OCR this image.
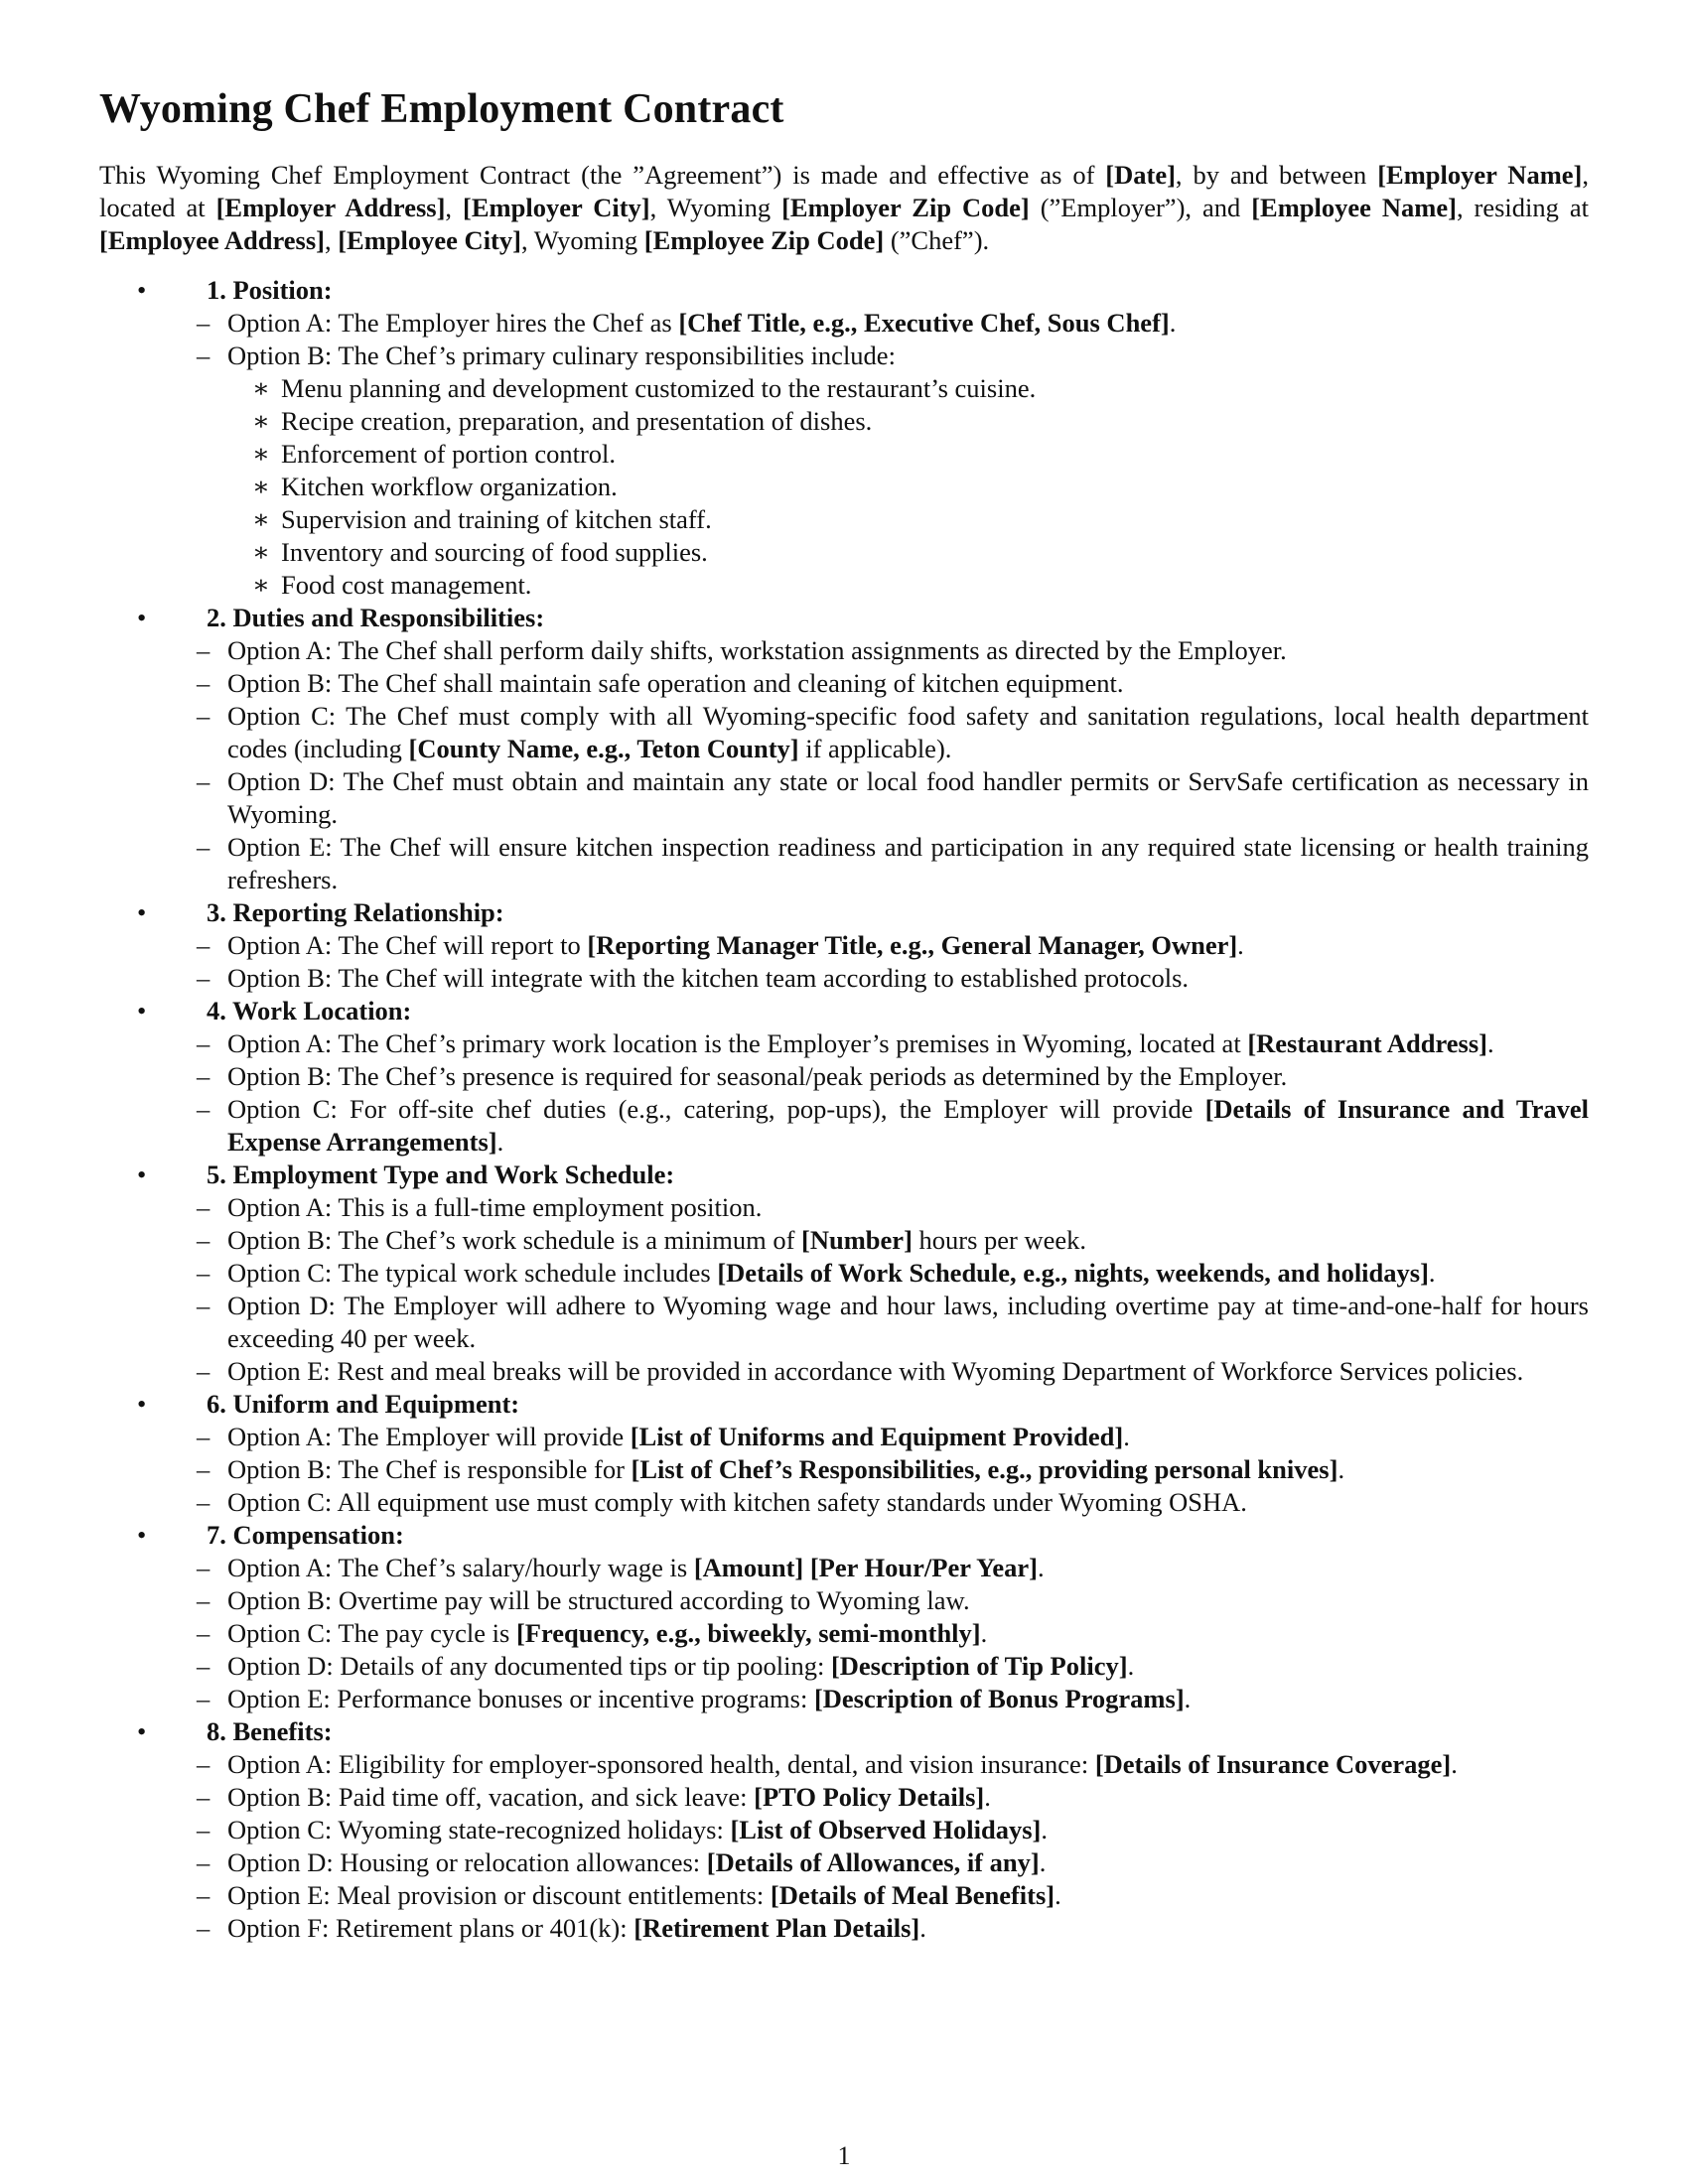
Wyoming Chef Employment Contract

This Wyoming Chef Employment Contract (the ”Agreement”) is made and effective as of [Date], by and between [Employer Name], located at [Employer Address], [Employer City], Wyoming [Employer Zip Code] (”Employer”), and [Employee Name], residing at [Employee Address], [Employee City], Wyoming [Employee Zip Code] (”Chef”).

• 1. Position:
– Option A: The Employer hires the Chef as [Chef Title, e.g., Executive Chef, Sous Chef].
– Option B: The Chef’s primary culinary responsibilities include:
∗ Menu planning and development customized to the restaurant’s cuisine.
∗ Recipe creation, preparation, and presentation of dishes.
∗ Enforcement of portion control.
∗ Kitchen workflow organization.
∗ Supervision and training of kitchen staff.
∗ Inventory and sourcing of food supplies.
∗ Food cost management.
• 2. Duties and Responsibilities:
– Option A: The Chef shall perform daily shifts, workstation assignments as directed by the Employer.
– Option B: The Chef shall maintain safe operation and cleaning of kitchen equipment.
– Option C: The Chef must comply with all Wyoming-specific food safety and sanitation regulations, local health department codes (including [County Name, e.g., Teton County] if applicable).
– Option D: The Chef must obtain and maintain any state or local food handler permits or ServSafe certification as necessary in Wyoming.
– Option E: The Chef will ensure kitchen inspection readiness and participation in any required state licensing or health training refreshers.
• 3. Reporting Relationship:
– Option A: The Chef will report to [Reporting Manager Title, e.g., General Manager, Owner].
– Option B: The Chef will integrate with the kitchen team according to established protocols.
• 4. Work Location:
– Option A: The Chef’s primary work location is the Employer’s premises in Wyoming, located at [Restaurant Address].
– Option B: The Chef’s presence is required for seasonal/peak periods as determined by the Employer.
– Option C: For off-site chef duties (e.g., catering, pop-ups), the Employer will provide [Details of Insurance and Travel Expense Arrangements].
• 5. Employment Type and Work Schedule:
– Option A: This is a full-time employment position.
– Option B: The Chef’s work schedule is a minimum of [Number] hours per week.
– Option C: The typical work schedule includes [Details of Work Schedule, e.g., nights, weekends, and holidays].
– Option D: The Employer will adhere to Wyoming wage and hour laws, including overtime pay at time-and-one-half for hours exceeding 40 per week.
– Option E: Rest and meal breaks will be provided in accordance with Wyoming Department of Workforce Services policies.
• 6. Uniform and Equipment:
– Option A: The Employer will provide [List of Uniforms and Equipment Provided].
– Option B: The Chef is responsible for [List of Chef’s Responsibilities, e.g., providing personal knives].
– Option C: All equipment use must comply with kitchen safety standards under Wyoming OSHA.
• 7. Compensation:
– Option A: The Chef’s salary/hourly wage is [Amount] [Per Hour/Per Year].
– Option B: Overtime pay will be structured according to Wyoming law.
– Option C: The pay cycle is [Frequency, e.g., biweekly, semi-monthly].
– Option D: Details of any documented tips or tip pooling: [Description of Tip Policy].
– Option E: Performance bonuses or incentive programs: [Description of Bonus Programs].
• 8. Benefits:
– Option A: Eligibility for employer-sponsored health, dental, and vision insurance: [Details of Insurance Coverage].
– Option B: Paid time off, vacation, and sick leave: [PTO Policy Details].
– Option C: Wyoming state-recognized holidays: [List of Observed Holidays].
– Option D: Housing or relocation allowances: [Details of Allowances, if any].
– Option E: Meal provision or discount entitlements: [Details of Meal Benefits].
– Option F: Retirement plans or 401(k): [Retirement Plan Details].
1
